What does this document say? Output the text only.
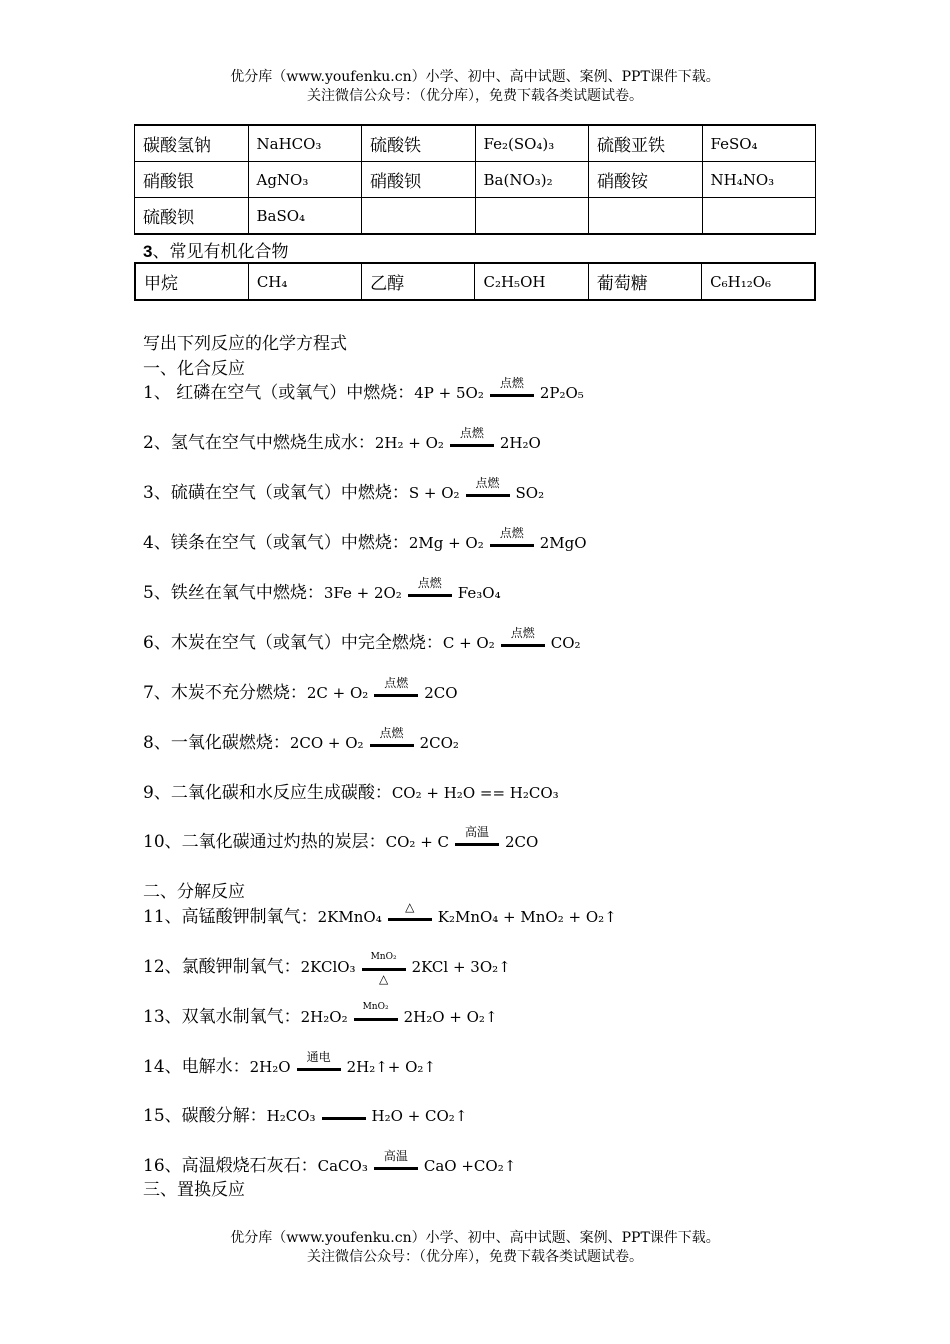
优分库（www.youfenku.cn）小学、初中、高中试题、案例、PPT课件下载。
关注微信公众号：（优分库），免费下载各类试题试卷。
碳酸氢钠	NaHCO₃	硫酸铁	Fe₂(SO₄)₃	硫酸亚铁	FeSO₄
硝酸银	AgNO₃	硝酸钡	Ba(NO₃)₂	硝酸铵	NH₄NO₃
硫酸钡	BaSO₄				
3、常见有机化合物
甲烷	CH₄	乙醇	C₂H₅OH	葡萄糖	C₆H₁₂O₆
写出下列反应的化学方程式
一、化合反应
1、 红磷在空气（或氧气）中燃烧：4P + 5O₂
点燃
2P₂O₅
2、氢气在空气中燃烧生成水：2H₂ + O₂
点燃
2H₂O
3、硫磺在空气（或氧气）中燃烧：S + O₂
点燃
SO₂
4、镁条在空气（或氧气）中燃烧：2Mg + O₂
点燃
2MgO
5、铁丝在氧气中燃烧：3Fe + 2O₂
点燃
Fe₃O₄
6、木炭在空气（或氧气）中完全燃烧：C + O₂
点燃
CO₂
7、木炭不充分燃烧：2C + O₂
点燃
2CO
8、一氧化碳燃烧：2CO + O₂
点燃
2CO₂
9、二氧化碳和水反应生成碳酸：CO₂ + H₂O == H₂CO₃
10、二氧化碳通过灼热的炭层：CO₂ + C
高温
2CO
11、高锰酸钾制氧气：2KMnO₄
△
K₂MnO₄ + MnO₂ + O₂↑
12、氯酸钾制氧气：2KClO₃
MnO₂
△
2KCl + 3O₂↑
13、双氧水制氧气：2H₂O₂
MnO₂
2H₂O + O₂↑
14、电解水：2H₂O
通电
2H₂↑+ O₂↑
15、碳酸分解：H₂CO₃	H₂O + CO₂↑
16、高温煅烧石灰石：CaCO₃
高温
CaO +CO₂↑
二、分解反应
三、置换反应
优分库（www.youfenku.cn）小学、初中、高中试题、案例、PPT课件下载。
关注微信公众号：（优分库），免费下载各类试题试卷。
